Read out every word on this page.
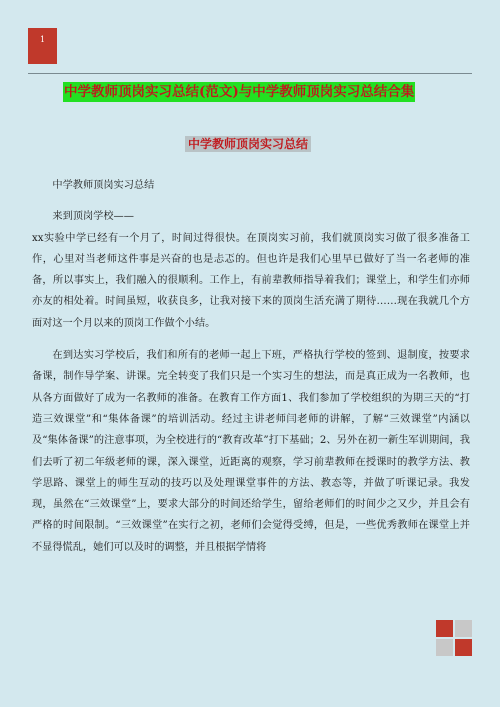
1
中学教师顶岗实习总结(范文)与中学教师顶岗实习总结合集
中学教师顶岗实习总结

中学教师顶岗实习总结

来到顶岗学校——

xx实验中学已经有一个月了，时间过得很快。在顶岗实习前，我们就顶岗实习做了很多准备工作，心里对当老师这件事是兴奋的也是忐忑的。但也许是我们心里早已做好了当一名老师的准备，所以事实上，我们融入的很顺利。工作上，有前辈教师指导着我们；课堂上，和学生们亦师亦友的相处着。时间虽短，收获良多，让我对接下来的顶岗生活充满了期待……现在我就几个方面对这一个月以来的顶岗工作做个小结。

在到达实习学校后，我们和所有的老师一起上下班，严格执行学校的签到、退制度，按要求备课，制作导学案、讲课。完全转变了我们只是一个实习生的想法，而是真正成为一名教师，也从各方面做好了成为一名教师的准备。在教育工作方面1、我们参加了学校组织的为期三天的“打造三效课堂”和“集体备课”的培训活动。经过主讲老师闫老师的讲解，了解“三效课堂”内涵以及“集体备课”的注意事项，为全校进行的“教育改革”打下基础；2、另外在初一新生军训期间，我们去听了初二年级老师的课，深入课堂，近距离的观察，学习前辈教师在授课时的教学方法、教学思路、课堂上的师生互动的技巧以及处理课堂事件的方法、教态等，并做了听课记录。我发现，虽然在“三效课堂”上，要求大部分的时间还给学生，留给老师们的时间少之又少，并且会有严格的时间限制。“三效课堂”在实行之初，老师们会觉得受缚，但是，一些优秀教师在课堂上并不显得慌乱，她们可以及时的调整，并且根据学情将
